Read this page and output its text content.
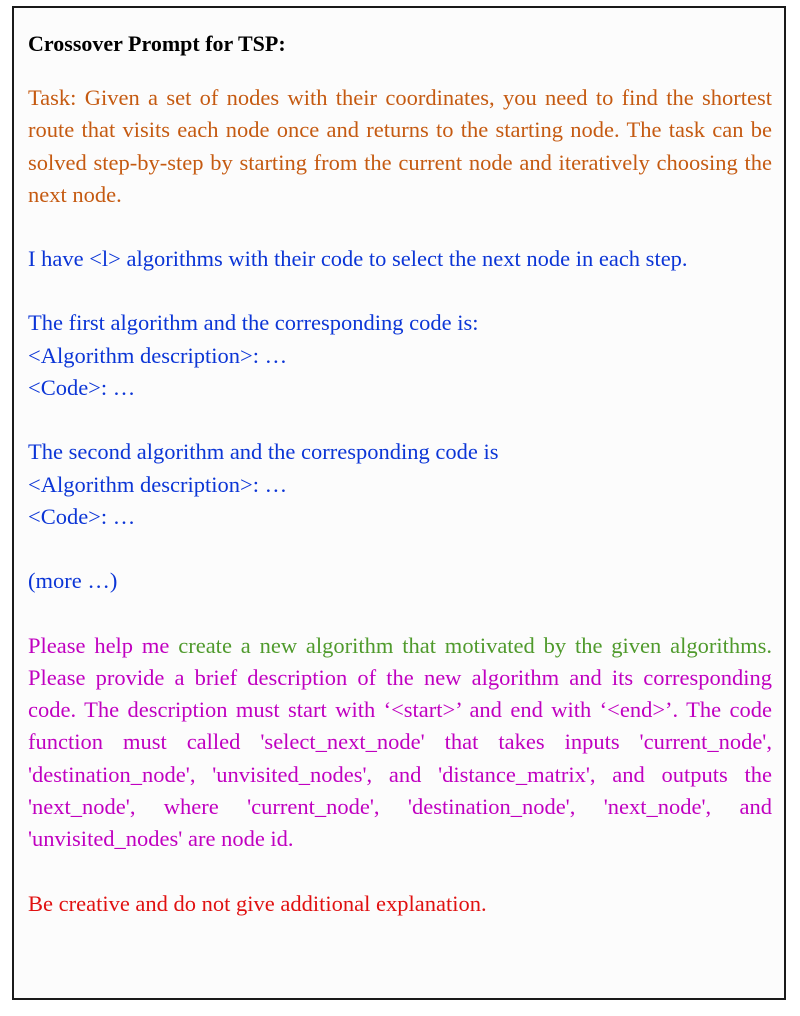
Crossover Prompt for TSP:

Task: Given a set of nodes with their coordinates, you need to find the shortest route that visits each node once and returns to the starting node. The task can be solved step-by-step by starting from the current node and iteratively choosing the next node.

I have <l> algorithms with their code to select the next node in each step.

The first algorithm and the corresponding code is:
<Algorithm description>: …
<Code>: …
The second algorithm and the corresponding code is
<Algorithm description>: …
<Code>: …

(more …)

Please help me create a new algorithm that motivated by the given algorithms. Please provide a brief description of the new algorithm and its corresponding code. The description must start with ‘<start>’ and end with ‘<end>’. The code function must called 'select_next_node' that takes inputs 'current_node', 'destination_node', 'unvisited_nodes', and 'distance_matrix', and outputs the 'next_node', where 'current_node', 'destination_node', 'next_node', and 'unvisited_nodes' are node id.

Be creative and do not give additional explanation.
